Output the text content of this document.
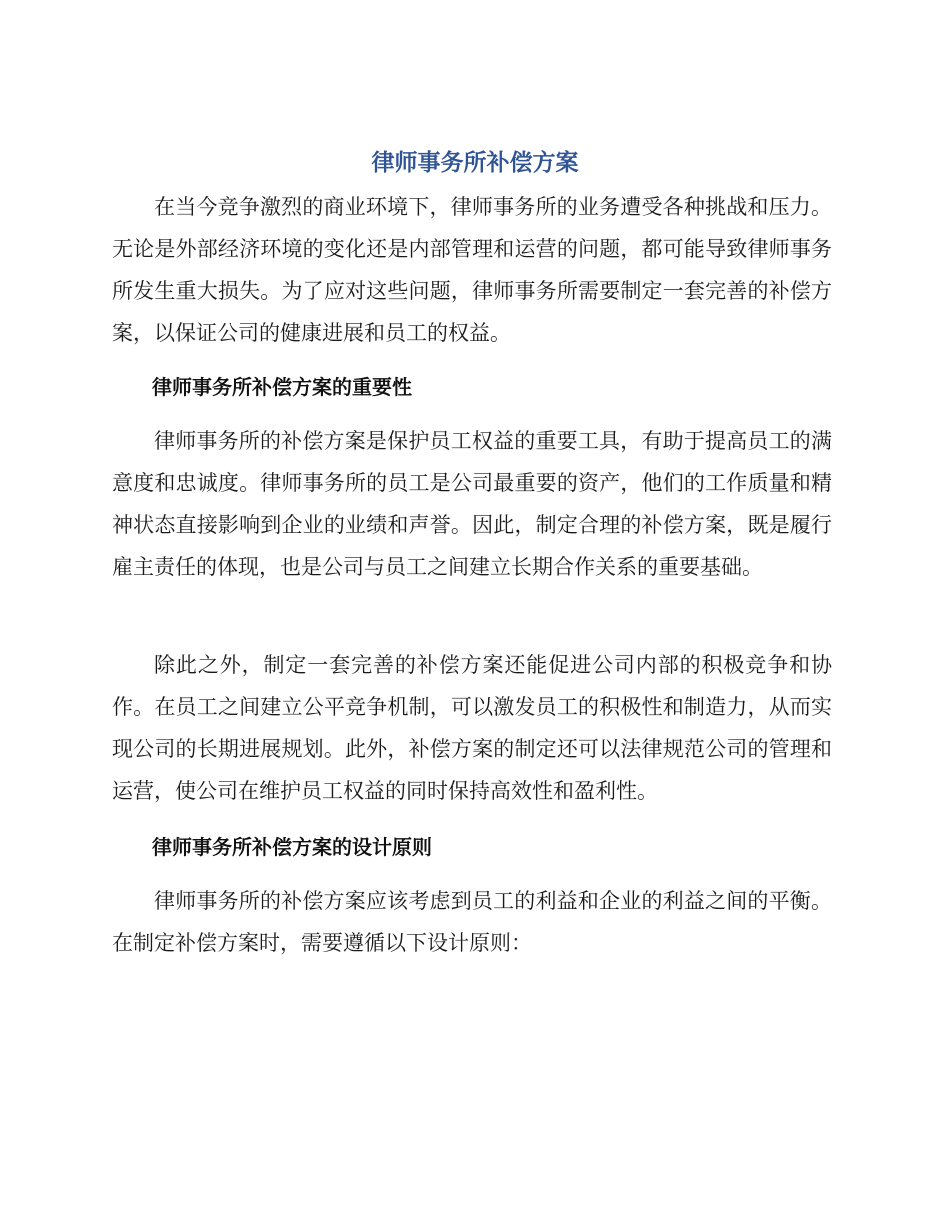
律师事务所补偿方案

在当今竞争激烈的商业环境下，律师事务所的业务遭受各种挑战和压力。无论是外部经济环境的变化还是内部管理和运营的问题，都可能导致律师事务所发生重大损失。为了应对这些问题，律师事务所需要制定一套完善的补偿方案，以保证公司的健康进展和员工的权益。

律师事务所补偿方案的重要性

律师事务所的补偿方案是保护员工权益的重要工具，有助于提高员工的满意度和忠诚度。律师事务所的员工是公司最重要的资产，他们的工作质量和精神状态直接影响到企业的业绩和声誉。因此，制定合理的补偿方案，既是履行雇主责任的体现，也是公司与员工之间建立长期合作关系的重要基础。

除此之外，制定一套完善的补偿方案还能促进公司内部的积极竞争和协作。在员工之间建立公平竞争机制，可以激发员工的积极性和制造力，从而实现公司的长期进展规划。此外，补偿方案的制定还可以法律规范公司的管理和运营，使公司在维护员工权益的同时保持高效性和盈利性。

律师事务所补偿方案的设计原则

律师事务所的补偿方案应该考虑到员工的利益和企业的利益之间的平衡。在制定补偿方案时，需要遵循以下设计原则：
